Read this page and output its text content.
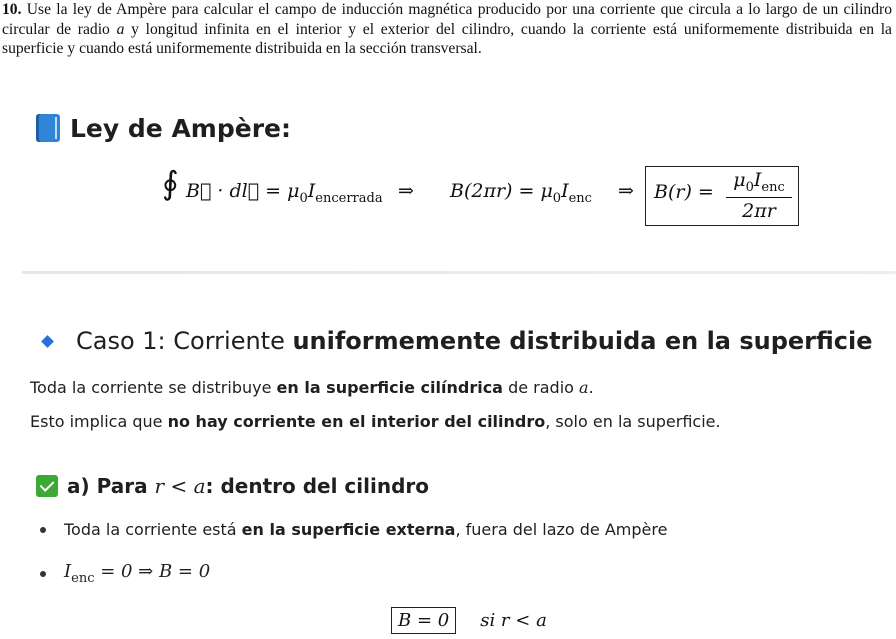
10. Use la ley de Ampère para calcular el campo de inducción magnética producido por una corriente que circula a lo largo de un cilindro circular de radio a y longitud infinita en el interior y el exterior del cilindro, cuando la corriente está uniformemente distribuida en la superficie y cuando está uniformemente distribuida en la sección transversal.
Ley de Ampère:
∮ B⃗ · dl⃗ = $\mu_0I_{encerrada}$ ⇒ $B(2\pi r) = \mu_0I_{enc}$ ⇒ B(r) =
$\mu_0I_{enc}$
2πr
Caso 1: Corriente uniformemente distribuida en la superficie
Toda la corriente se distribuye en la superficie cilíndrica de radio a.
Esto implica que no hay corriente en el interior del cilindro, solo en la superficie.
a) Para r < a: dentro del cilindro
Toda la corriente está en la superficie externa, fuera del lazo de Ampère
$I_{enc} = 0$ ⇒ B = 0
B = 0	si r < a
